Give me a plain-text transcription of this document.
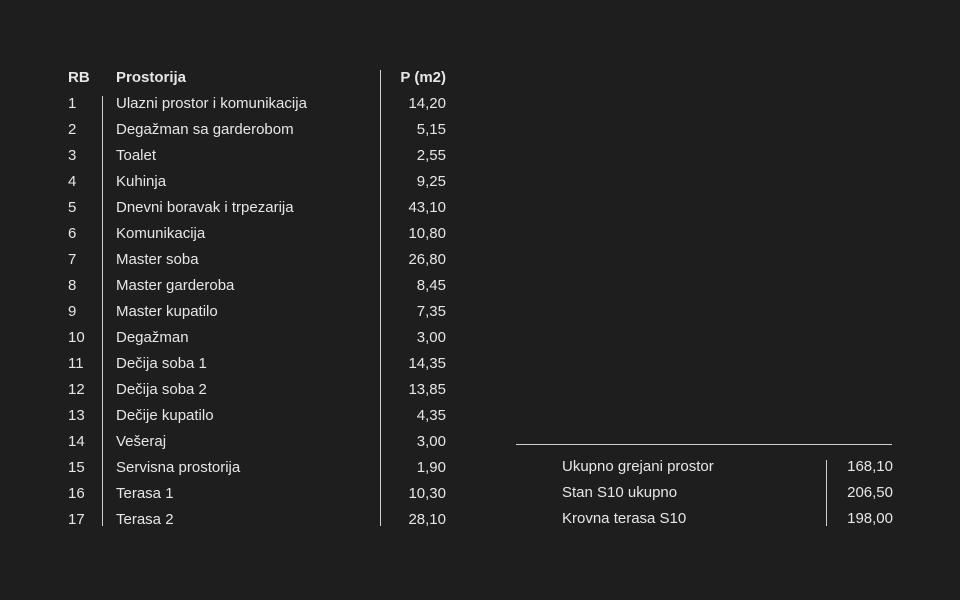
RB	Prostorija	P (m2)
1	Ulazni prostor i komunikacija	14,20
2	Degažman sa garderobom	5,15
3	Toalet	2,55
4	Kuhinja	9,25
5	Dnevni boravak i trpezarija	43,10
6	Komunikacija	10,80
7	Master soba	26,80
8	Master garderoba	8,45
9	Master kupatilo	7,35
10	Degažman	3,00
11	Dečija soba 1	14,35
12	Dečija soba 2	13,85
13	Dečije kupatilo	4,35
14	Vešeraj	3,00
15	Servisna prostorija	1,90
16	Terasa 1	10,30
17	Terasa 2	28,10
Ukupno grejani prostor	168,10
Stan S10 ukupno	206,50
Krovna terasa S10	198,00
